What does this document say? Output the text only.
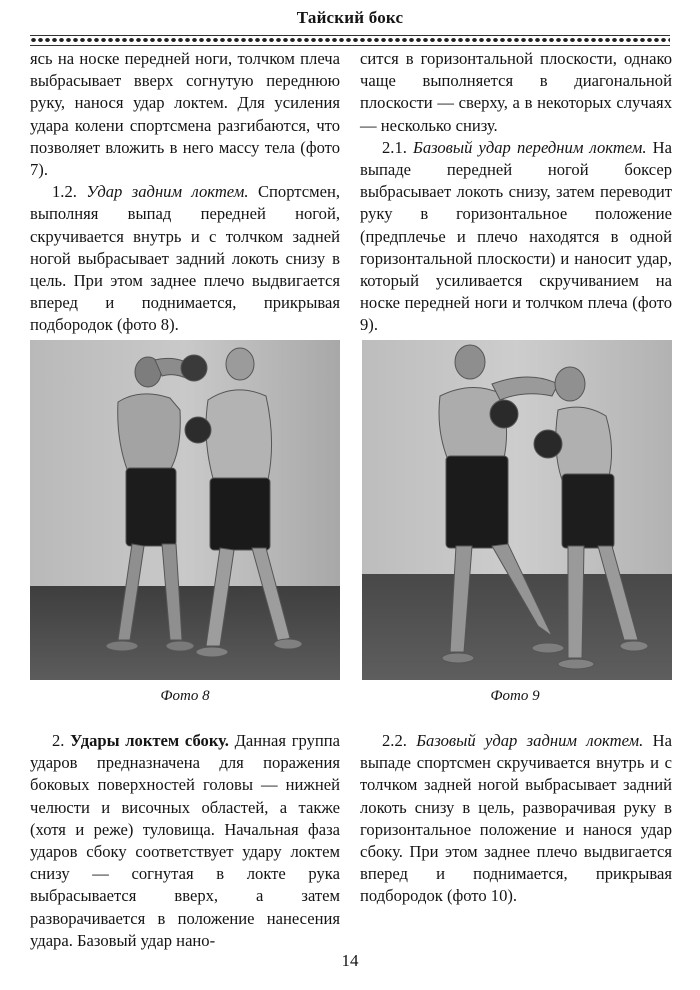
Тайский бокс

ясь на носке передней ноги, толчком плеча выбрасывает вверх согнутую переднюю руку, нанося удар локтем. Для усиления удара колени спортсмена разгибаются, что позволяет вложить в него массу тела (фото 7).

1.2. Удар задним локтем. Спортсмен, выполняя выпад передней ногой, скручивается внутрь и с толчком задней ногой выбрасывает задний локоть снизу в цель. При этом заднее плечо выдвигается вперед и поднимается, прикрывая подбородок (фото 8).

сится в горизонтальной плоскости, однако чаще выполняется в диагональной плоскости — сверху, а в некоторых случаях — несколько снизу.

2.1. Базовый удар передним локтем. На выпаде передней ногой боксер выбрасывает локоть снизу, затем переводит руку в горизонтальное положение (предплечье и плечо находятся в одной горизонтальной плоскости) и наносит удар, который усиливается скручиванием на носке передней ноги и толчком плеча (фото 9).

Фото 8	Фото 9

2. Удары локтем сбоку. Данная группа ударов предназначена для поражения боковых поверхностей головы — нижней челюсти и височных областей, а также (хотя и реже) туловища. Начальная фаза ударов сбоку соответствует удару локтем снизу — согнутая в локте рука выбрасывается вверх, а затем разворачивается в положение нанесения удара. Базовый удар нано-

2.2. Базовый удар задним локтем. На выпаде спортсмен скручивается внутрь и с толчком задней ногой выбрасывает задний локоть снизу в цель, разворачивая руку в горизонтальное положение и нанося удар сбоку. При этом заднее плечо выдвигается вперед и поднимается, прикрывая подбородок (фото 10).

14
